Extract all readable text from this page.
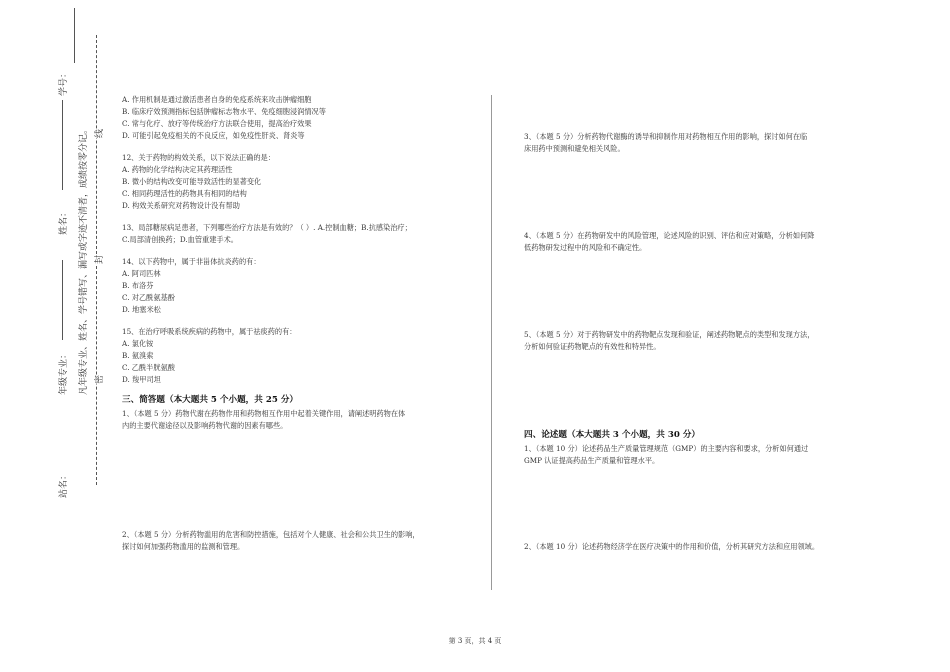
站名：
年级专业：
姓名：
学号：
凡年级专业、姓名、学号错写、漏写或字迹不清者，成绩按零分记。 密
封
线

A. 作用机制是通过激活患者自身的免疫系统来攻击肿瘤细胞

B. 临床疗效预测指标包括肿瘤标志物水平、免疫细胞浸润情况等

C. 常与化疗、放疗等传统治疗方法联合使用，提高治疗效果

D. 可能引起免疫相关的不良反应，如免疫性肝炎、肾炎等

12、关于药物的构效关系，以下说法正确的是：

A. 药物的化学结构决定其药理活性

B. 微小的结构改变可能导致活性的显著变化

C. 相同药理活性的药物具有相同的结构

D. 构效关系研究对药物设计没有帮助

13、局部糖尿病足患者，下列哪些治疗方法是有效的？（ ）. A.控制血糖；B.抗感染治疗；

C.局部清创换药；D.血管重建手术。

14、以下药物中，属于非甾体抗炎药的有：

A. 阿司匹林

B. 布洛芬

C. 对乙酰氨基酚

D. 地塞米松

15、在治疗呼吸系统疾病的药物中，属于祛痰药的有：

A. 氯化铵

B. 氨溴索

C. 乙酰半胱氨酸

D. 羧甲司坦

三、简答题（本大题共 5 个小题，共 25 分）

1、（本题 5 分）药物代谢在药物作用和药物相互作用中起着关键作用，请阐述明药物在体

内的主要代谢途径以及影响药物代谢的因素有哪些。

2、（本题 5 分）分析药物滥用的危害和防控措施，包括对个人健康、社会和公共卫生的影响，

探讨如何加强药物滥用的监测和管理。

3、（本题 5 分）分析药物代谢酶的诱导和抑制作用对药物相互作用的影响，探讨如何在临

床用药中预测和避免相关风险。

4、（本题 5 分）在药物研发中的风险管理，论述风险的识别、评估和应对策略，分析如何降

低药物研发过程中的风险和不确定性。

5、（本题 5 分）对于药物研发中的药物靶点发现和验证，阐述药物靶点的类型和发现方法，

分析如何验证药物靶点的有效性和特异性。

四、论述题（本大题共 3 个小题，共 30 分）

1、（本题 10 分）论述药品生产质量管理规范（GMP）的主要内容和要求，分析如何通过

GMP 认证提高药品生产质量和管理水平。

2、（本题 10 分）论述药物经济学在医疗决策中的作用和价值，分析其研究方法和应用领域。

第 3 页，共 4 页
